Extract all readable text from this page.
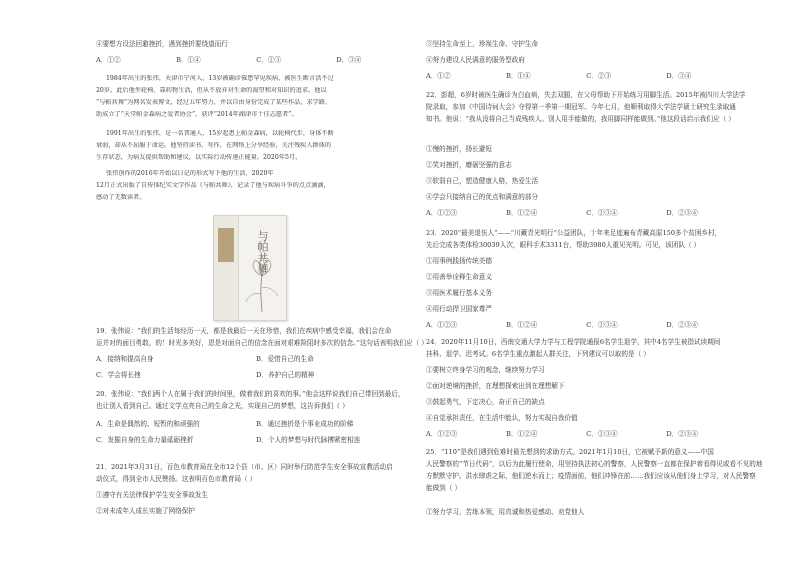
④要想方设法回避挫折，遇到挫折要绕道而行
A．①②	B．①④	C．②③	D．③④
1984年出生的张伟，天津市宁河人。13岁被确诊罹患罕见疾病，被医生断言活不过
20岁。此后他坐轮椅、靠药物生活，但从不放弃对生命的渴望和对知识的追求。他以
“与帕共舞”为网名发表博文，经过五年努力，并以自由身份完成了某些作品，求学路、
助成立了“天堂帕金森病之爱者协会”，获评“2014年湖津市十佳志愿者”。
1991年出生的张伟，是一名普通人，15岁起患上帕金森病，以轮椅代步，身体不断
衰弱，却从不屈服于命运。他坚持读书、写作，在网络上分享经验，关注残疾人群体的
生存状态，为病友提供帮助和建议，以实际行动传递正能量。2020年5月，
张伟创作的2016年开始以日记的形式写下他的生活，2020年
12月正式出版了自传体纪实文学作品《与帕共舞》，记录了他与疾病斗争的点点滴滴，
感动了无数读者。
19．张伟说：“我们的生活每经历一天，都是我最后一天在珍惜，我们在疾病中感受幸福，我们会在命
运并对的面目勇敢，的！时光多美好，恩是对面自己的信念在面对艰难险阻时多次的信念。”这句话表明我们应（ ）
A．接纳和提高自身	B．爱惜自己的生命
C．学会将长挫	D．养护自己的精神
20．张伟说：“我们两个人在属于我们的时间里，做着我们的喜欢的事。”他会这样说我们自己带回到最后，
也让别人看到自己。通过文学点亮自己的生命之光，实现自己的梦想，这告诉我们（ ）
A．生命是偶然的、短暂的和顽强的	B．通过挫折是个事业成功的阶梯
C．发掘自身的生命力量砥砺挫折	D．个人的梦想与时代脉搏紧密相连
21．2021年3月31日，百色市教育局在全市12个县（市、区）同时举行防范学生安全事故宣教活动启
动仪式，得到全市人民赞扬。这表明百色市教育局（ ）
①遵守有关法律保护学生安全事故发生
②对未成年人成长实施了网络保护
与帕共舞
③坚持生命至上，珍视生命、守护生命
④努力建设人民满意的服务型政府
A．①②	B．①④	C．②③	D．③④
22．彭超，6岁时被医生确诊为白血病，失去双腿，在父母帮助下开始练习用脚生活。2015年被四川大学法学
院录取，参加《中国诗词大会》夺得第一季第一期冠军。今年七月，他顺利取得大学法学硕士研究生录取通
知书。他说：“我从没将自己当成残疾人。别人用手能做的，我用脚同样能做到。”他这段话启示我们应（ ）
①慢的挫折，扬长避短
②笑对挫折，磨砺坚强的意志
③软弱自己，塑造健康人格，热爱生活
④学会只接纳自己的优点和满意的部分
A．①②③	B．①②④	C．①③④	D．②③④
23．2020“最美退伍人”——“川藏青光明行”公益团队，十年来足迹遍布青藏高原150多个贫困乡村，
先后完成各类体检30039人次，眼科手术3311台，帮助3980人重见光明。可见，该团队（ ）
①用事例践扬传统美德
②用善举诠释生命意义
③用医术履行基本义务
④用行动捍卫国家尊严
A．①②③	B．①②④	C．①③④	D．②③④
24．2020年11月10日，西南交通大学力学与工程学院通报6名学生退学，其中4名学生被指试读期间
挂科、退学、迟考试。6名学生重点激起人群关注，下列建议可以取的是（ ）
①要树立终身学习的观念，继续努力学习
②面对逆境的挫折，在理想探索出到在理想解下
③鼓起勇气，下定决心，奋正自己的缺点
④自觉承担责任，在生活中能认，努力实现自我价值
A．①②③	B．①②④	C．①③④	D．②③④
25．“110”是我们遇到危难时最先想到的求助方式。2021年1月10日，它被赋予新的意义——中国
人民警察的“节日代码”，以后为此履行使命，用坚持执法初心的警察，人民警察一直都在保护着看得见或看不见的地
方默默守护。洪水肆虐之际，他们逆水而上；疫情面前，他们冲锋在前……我们应该从他们身上学习，对人民警察
能做到（ ）
①努力学习，苦练本领，用真诚和热爱感动、劝党他人
